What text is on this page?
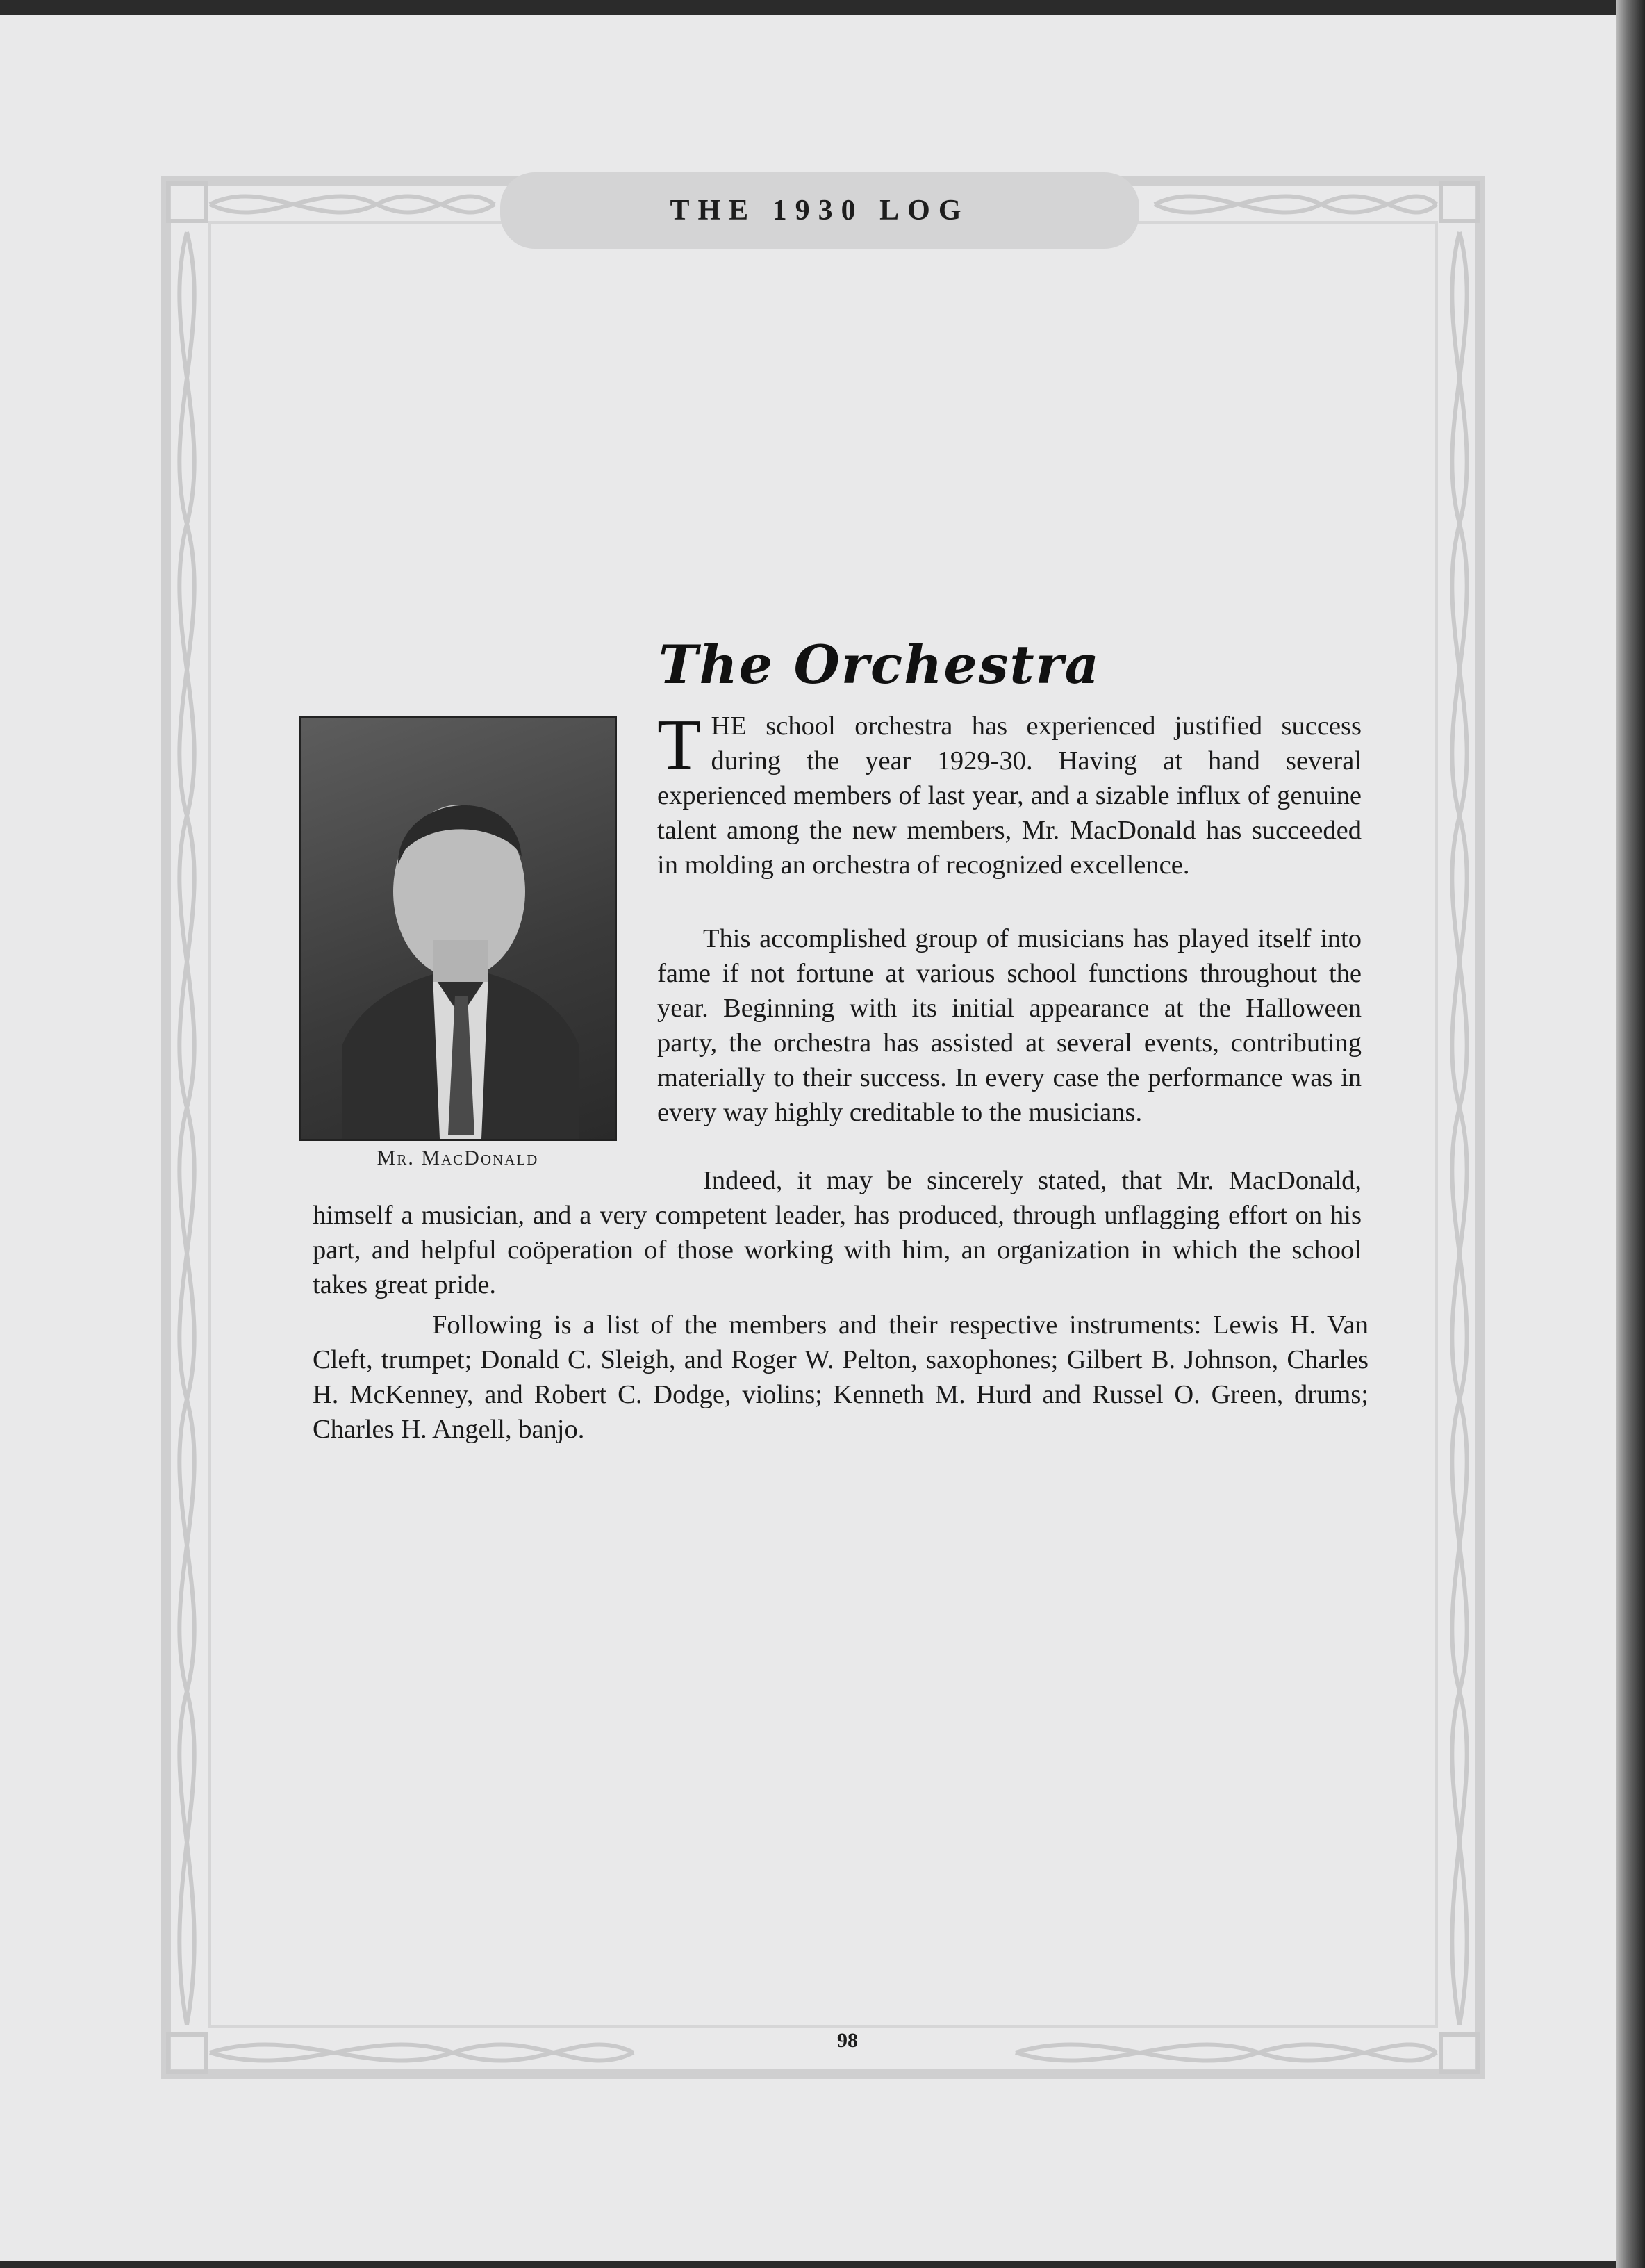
THE 1930 LOG
The Orchestra
Mr. MacDonald

T HE school orchestra has experienced justified success during the year 1929-30. Having at hand several experienced members of last year, and a sizable influx of genuine talent among the new members, Mr. MacDonald has succeeded in molding an orchestra of recognized excellence.

This accomplished group of musicians has played itself into fame if not fortune at various school functions throughout the year. Beginning with its initial appearance at the Halloween party, the orchestra has assisted at several events, contributing materially to their success. In every case the performance was in every way highly creditable to the musicians.

Indeed, it may be sincerely stated, that Mr. MacDonald, himself a musician, and a very competent leader, has produced, through unflagging effort on his part, and helpful coöperation of those working with him, an organization in which the school takes great pride.

Following is a list of the members and their respective instruments: Lewis H. Van Cleft, trumpet; Donald C. Sleigh, and Roger W. Pelton, saxophones; Gilbert B. Johnson, Charles H. McKenney, and Robert C. Dodge, violins; Kenneth M. Hurd and Russel O. Green, drums; Charles H. Angell, banjo.

98
